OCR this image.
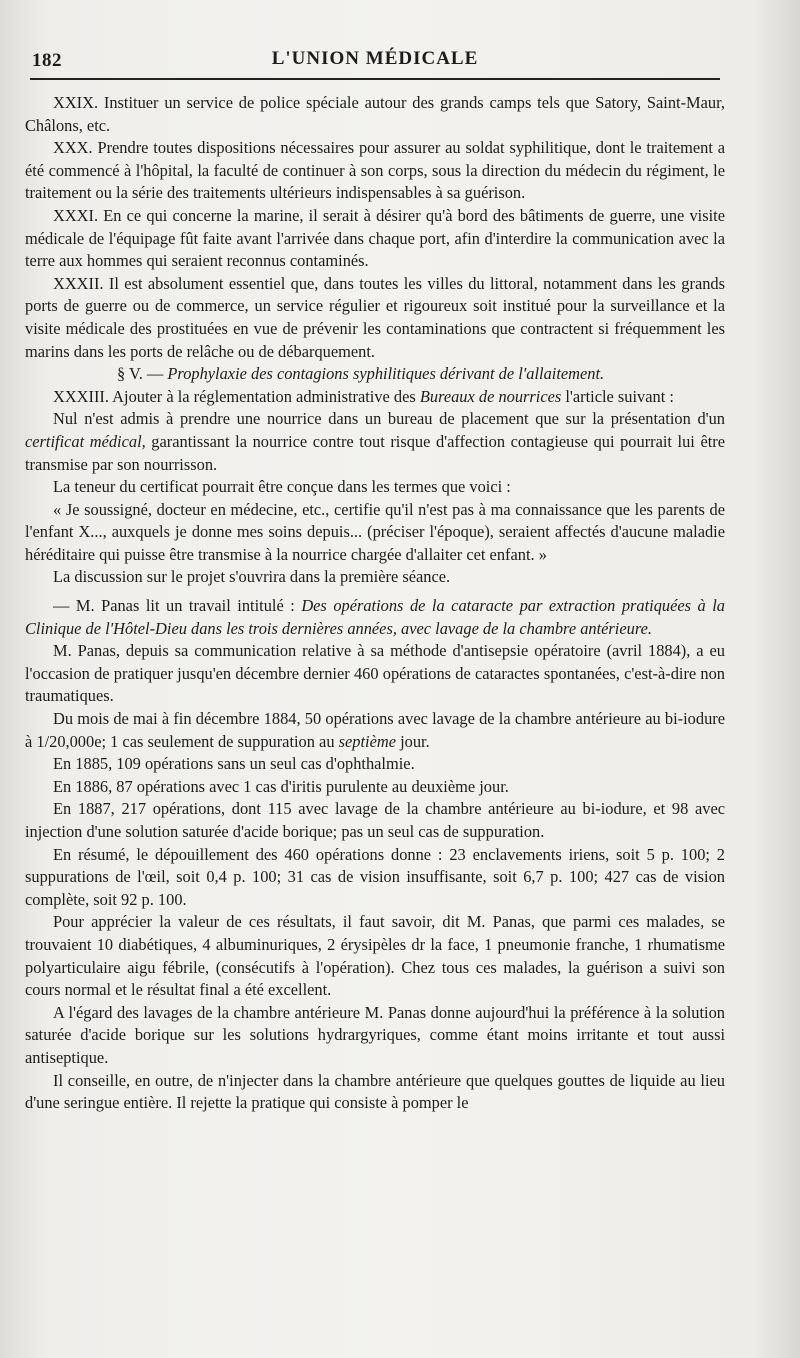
182	L'UNION MÉDICALE

XXIX. Instituer un service de police spéciale autour des grands camps tels que Satory, Saint-Maur, Châlons, etc.

XXX. Prendre toutes dispositions nécessaires pour assurer au soldat syphilitique, dont le traitement a été commencé à l'hôpital, la faculté de continuer à son corps, sous la direction du médecin du régiment, le traitement ou la série des traitements ultérieurs indispensables à sa guérison.

XXXI. En ce qui concerne la marine, il serait à désirer qu'à bord des bâtiments de guerre, une visite médicale de l'équipage fût faite avant l'arrivée dans chaque port, afin d'interdire la communication avec la terre aux hommes qui seraient reconnus contaminés.

XXXII. Il est absolument essentiel que, dans toutes les villes du littoral, notamment dans les grands ports de guerre ou de commerce, un service régulier et rigoureux soit institué pour la surveillance et la visite médicale des prostituées en vue de prévenir les contaminations que contractent si fréquemment les marins dans les ports de relâche ou de débarquement.

§ V. — Prophylaxie des contagions syphilitiques dérivant de l'allaitement.

XXXIII. Ajouter à la réglementation administrative des Bureaux de nourrices l'article suivant :

Nul n'est admis à prendre une nourrice dans un bureau de placement que sur la présentation d'un certificat médical, garantissant la nourrice contre tout risque d'affection contagieuse qui pourrait lui être transmise par son nourrisson.

La teneur du certificat pourrait être conçue dans les termes que voici :

« Je soussigné, docteur en médecine, etc., certifie qu'il n'est pas à ma connaissance que les parents de l'enfant X..., auxquels je donne mes soins depuis... (préciser l'époque), seraient affectés d'aucune maladie héréditaire qui puisse être transmise à la nourrice chargée d'allaiter cet enfant. »

La discussion sur le projet s'ouvrira dans la première séance.

— M. Panas lit un travail intitulé : Des opérations de la cataracte par extraction pratiquées à la Clinique de l'Hôtel-Dieu dans les trois dernières années, avec lavage de la chambre antérieure.

M. Panas, depuis sa communication relative à sa méthode d'antisepsie opératoire (avril 1884), a eu l'occasion de pratiquer jusqu'en décembre dernier 460 opérations de cataractes spontanées, c'est-à-dire non traumatiques.

Du mois de mai à fin décembre 1884, 50 opérations avec lavage de la chambre antérieure au bi-iodure à 1/20,000e; 1 cas seulement de suppuration au septième jour.

En 1885, 109 opérations sans un seul cas d'ophthalmie.

En 1886, 87 opérations avec 1 cas d'iritis purulente au deuxième jour.

En 1887, 217 opérations, dont 115 avec lavage de la chambre antérieure au bi-iodure, et 98 avec injection d'une solution saturée d'acide borique; pas un seul cas de suppuration.

En résumé, le dépouillement des 460 opérations donne : 23 enclavements iriens, soit 5 p. 100; 2 suppurations de l'œil, soit 0,4 p. 100; 31 cas de vision insuffisante, soit 6,7 p. 100; 427 cas de vision complète, soit 92 p. 100.

Pour apprécier la valeur de ces résultats, il faut savoir, dit M. Panas, que parmi ces malades, se trouvaient 10 diabétiques, 4 albuminuriques, 2 érysipèles dr la face, 1 pneumonie franche, 1 rhumatisme polyarticulaire aigu fébrile, (consécutifs à l'opération). Chez tous ces malades, la guérison a suivi son cours normal et le résultat final a été excellent.

A l'égard des lavages de la chambre antérieure M. Panas donne aujourd'hui la préférence à la solution saturée d'acide borique sur les solutions hydrargyriques, comme étant moins irritante et tout aussi antiseptique.

Il conseille, en outre, de n'injecter dans la chambre antérieure que quelques gouttes de liquide au lieu d'une seringue entière. Il rejette la pratique qui consiste à pomper le
